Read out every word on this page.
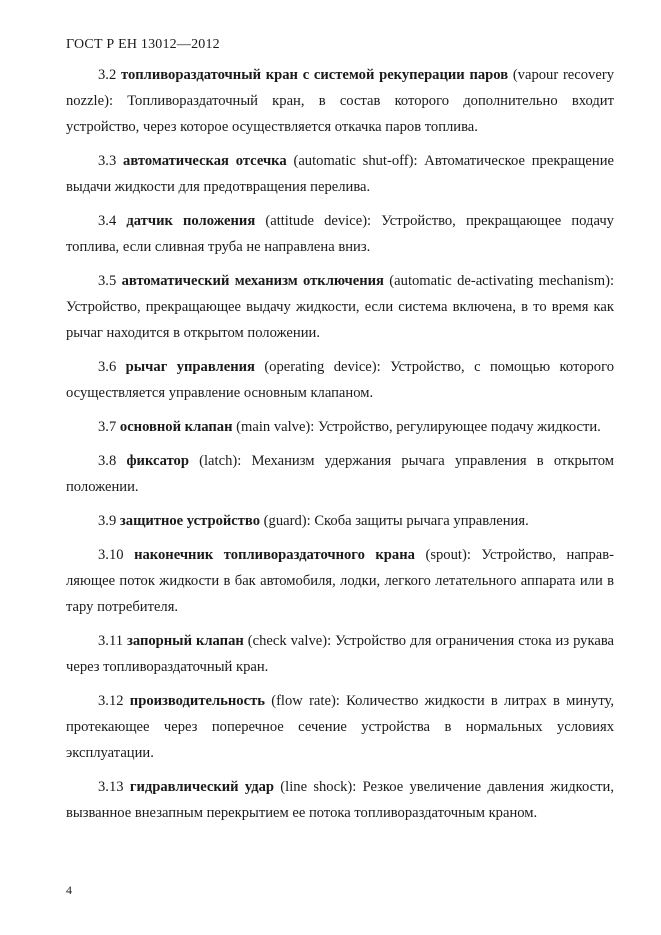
ГОСТ Р ЕН 13012—2012

3.2 топливораздаточный кран с системой рекуперации паров (vapour recovery nozzle): Топливораздаточный кран, в состав которого дополнительно входит устройство, через которое осуществляется откачка паров топлива.

3.3 автоматическая отсечка (automatic shut-off): Автоматическое прекращение выдачи жидкости для предотвращения перелива.

3.4 датчик положения (attitude device): Устройство, прекращающее подачу топлива, если сливная труба не направлена вниз.

3.5 автоматический механизм отключения (automatic de-activating mechanism): Устройство, прекращающее выдачу жидкости, если система включена, в то время как рычаг находится в открытом положении.

3.6 рычаг управления (operating device): Устройство, с помощью которого осуществляется управление основным клапаном.

3.7 основной клапан (main valve): Устройство, регулирующее подачу жидкости.

3.8 фиксатор (latch): Механизм удержания рычага управления в открытом положении.

3.9 защитное устройство (guard): Скоба защиты рычага управления.

3.10 наконечник топливораздаточного крана (spout): Устройство, направляющее поток жидкости в бак автомобиля, лодки, легкого летательного аппарата или в тару потребителя.

3.11 запорный клапан (check valve): Устройство для ограничения стока из рукава через топливораздаточный кран.

3.12 производительность (flow rate): Количество жидкости в литрах в минуту, протекающее через поперечное сечение устройства в нормальных условиях эксплуатации.

3.13 гидравлический удар (line shock): Резкое увеличение давления жидкости, вызванное внезапным перекрытием ее потока топливораздаточным краном.

4
